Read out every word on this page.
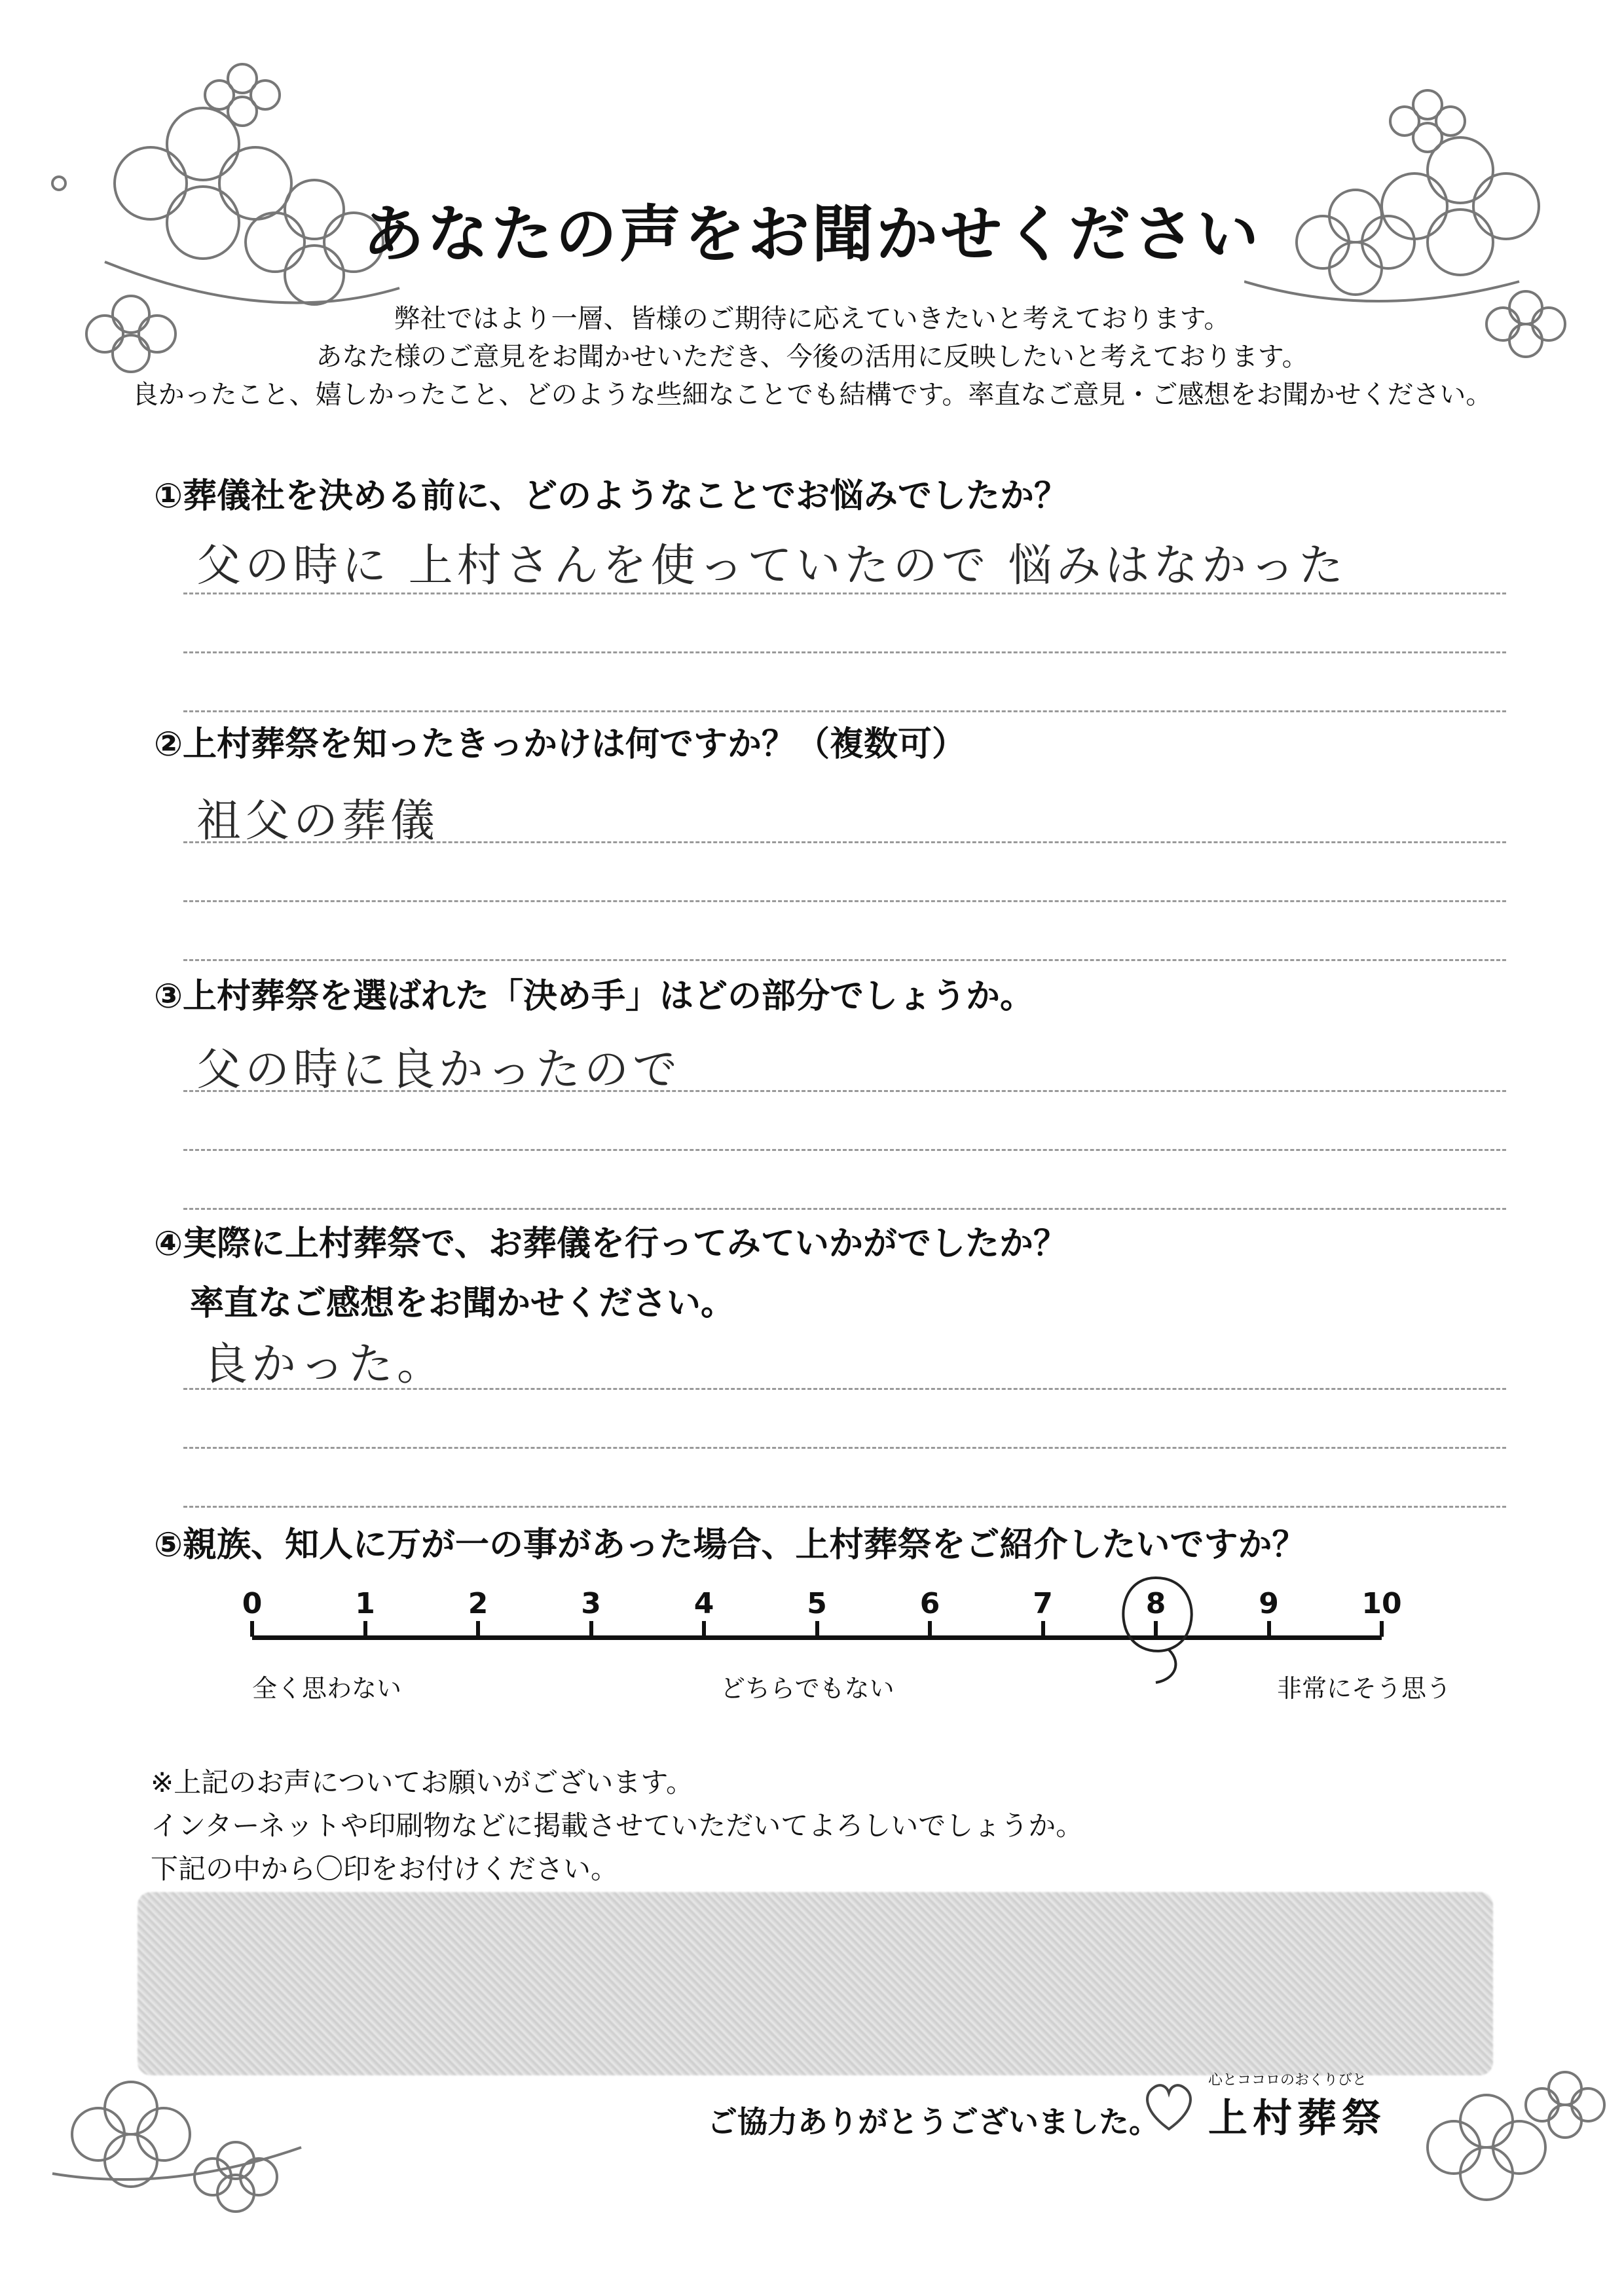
あなたの声をお聞かせください
弊社ではより一層、皆様のご期待に応えていきたいと考えております。
あなた様のご意見をお聞かせいただき、今後の活用に反映したいと考えております。
良かったこと、嬉しかったこと、どのような些細なことでも結構です。率直なご意見・ご感想をお聞かせください。
①葬儀社を決める前に、どのようなことでお悩みでしたか？
父の時に 上村さんを使っていたので 悩みはなかった
②上村葬祭を知ったきっかけは何ですか？（複数可）
祖父の葬儀
③上村葬祭を選ばれた「決め手」はどの部分でしょうか。
父の時に良かったので
④実際に上村葬祭で、お葬儀を行ってみていかがでしたか？
率直なご感想をお聞かせください。
良かった。
⑤親族、知人に万が一の事があった場合、上村葬祭をご紹介したいですか？
0	1	2	3	4	5	6	7	8	9	10
全く思わない	どちらでもない	非常にそう思う
※上記のお声についてお願いがございます。
インターネットや印刷物などに掲載させていただいてよろしいでしょうか。
下記の中から〇印をお付けください。
ご協力ありがとうございました。
心とココロのおくりびと
上村葬祭
